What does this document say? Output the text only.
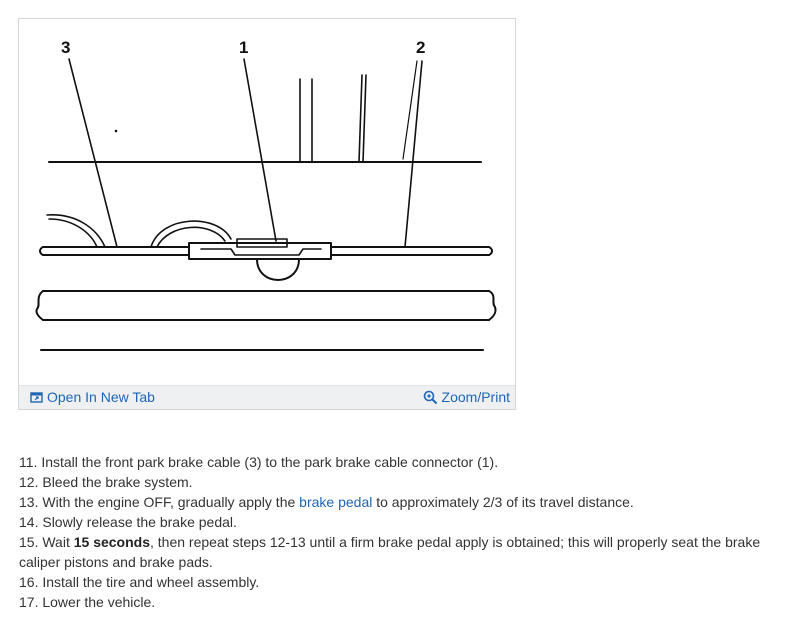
3	1	2
Open In New Tab	Zoom/Print
11. Install the front park brake cable (3) to the park brake cable connector (1).
12. Bleed the brake system.
13. With the engine OFF, gradually apply the brake pedal to approximately 2/3 of its travel distance.
14. Slowly release the brake pedal.
15. Wait 15 seconds, then repeat steps 12-13 until a firm brake pedal apply is obtained; this will properly seat the brake caliper pistons and brake pads.
16. Install the tire and wheel assembly.
17. Lower the vehicle.
